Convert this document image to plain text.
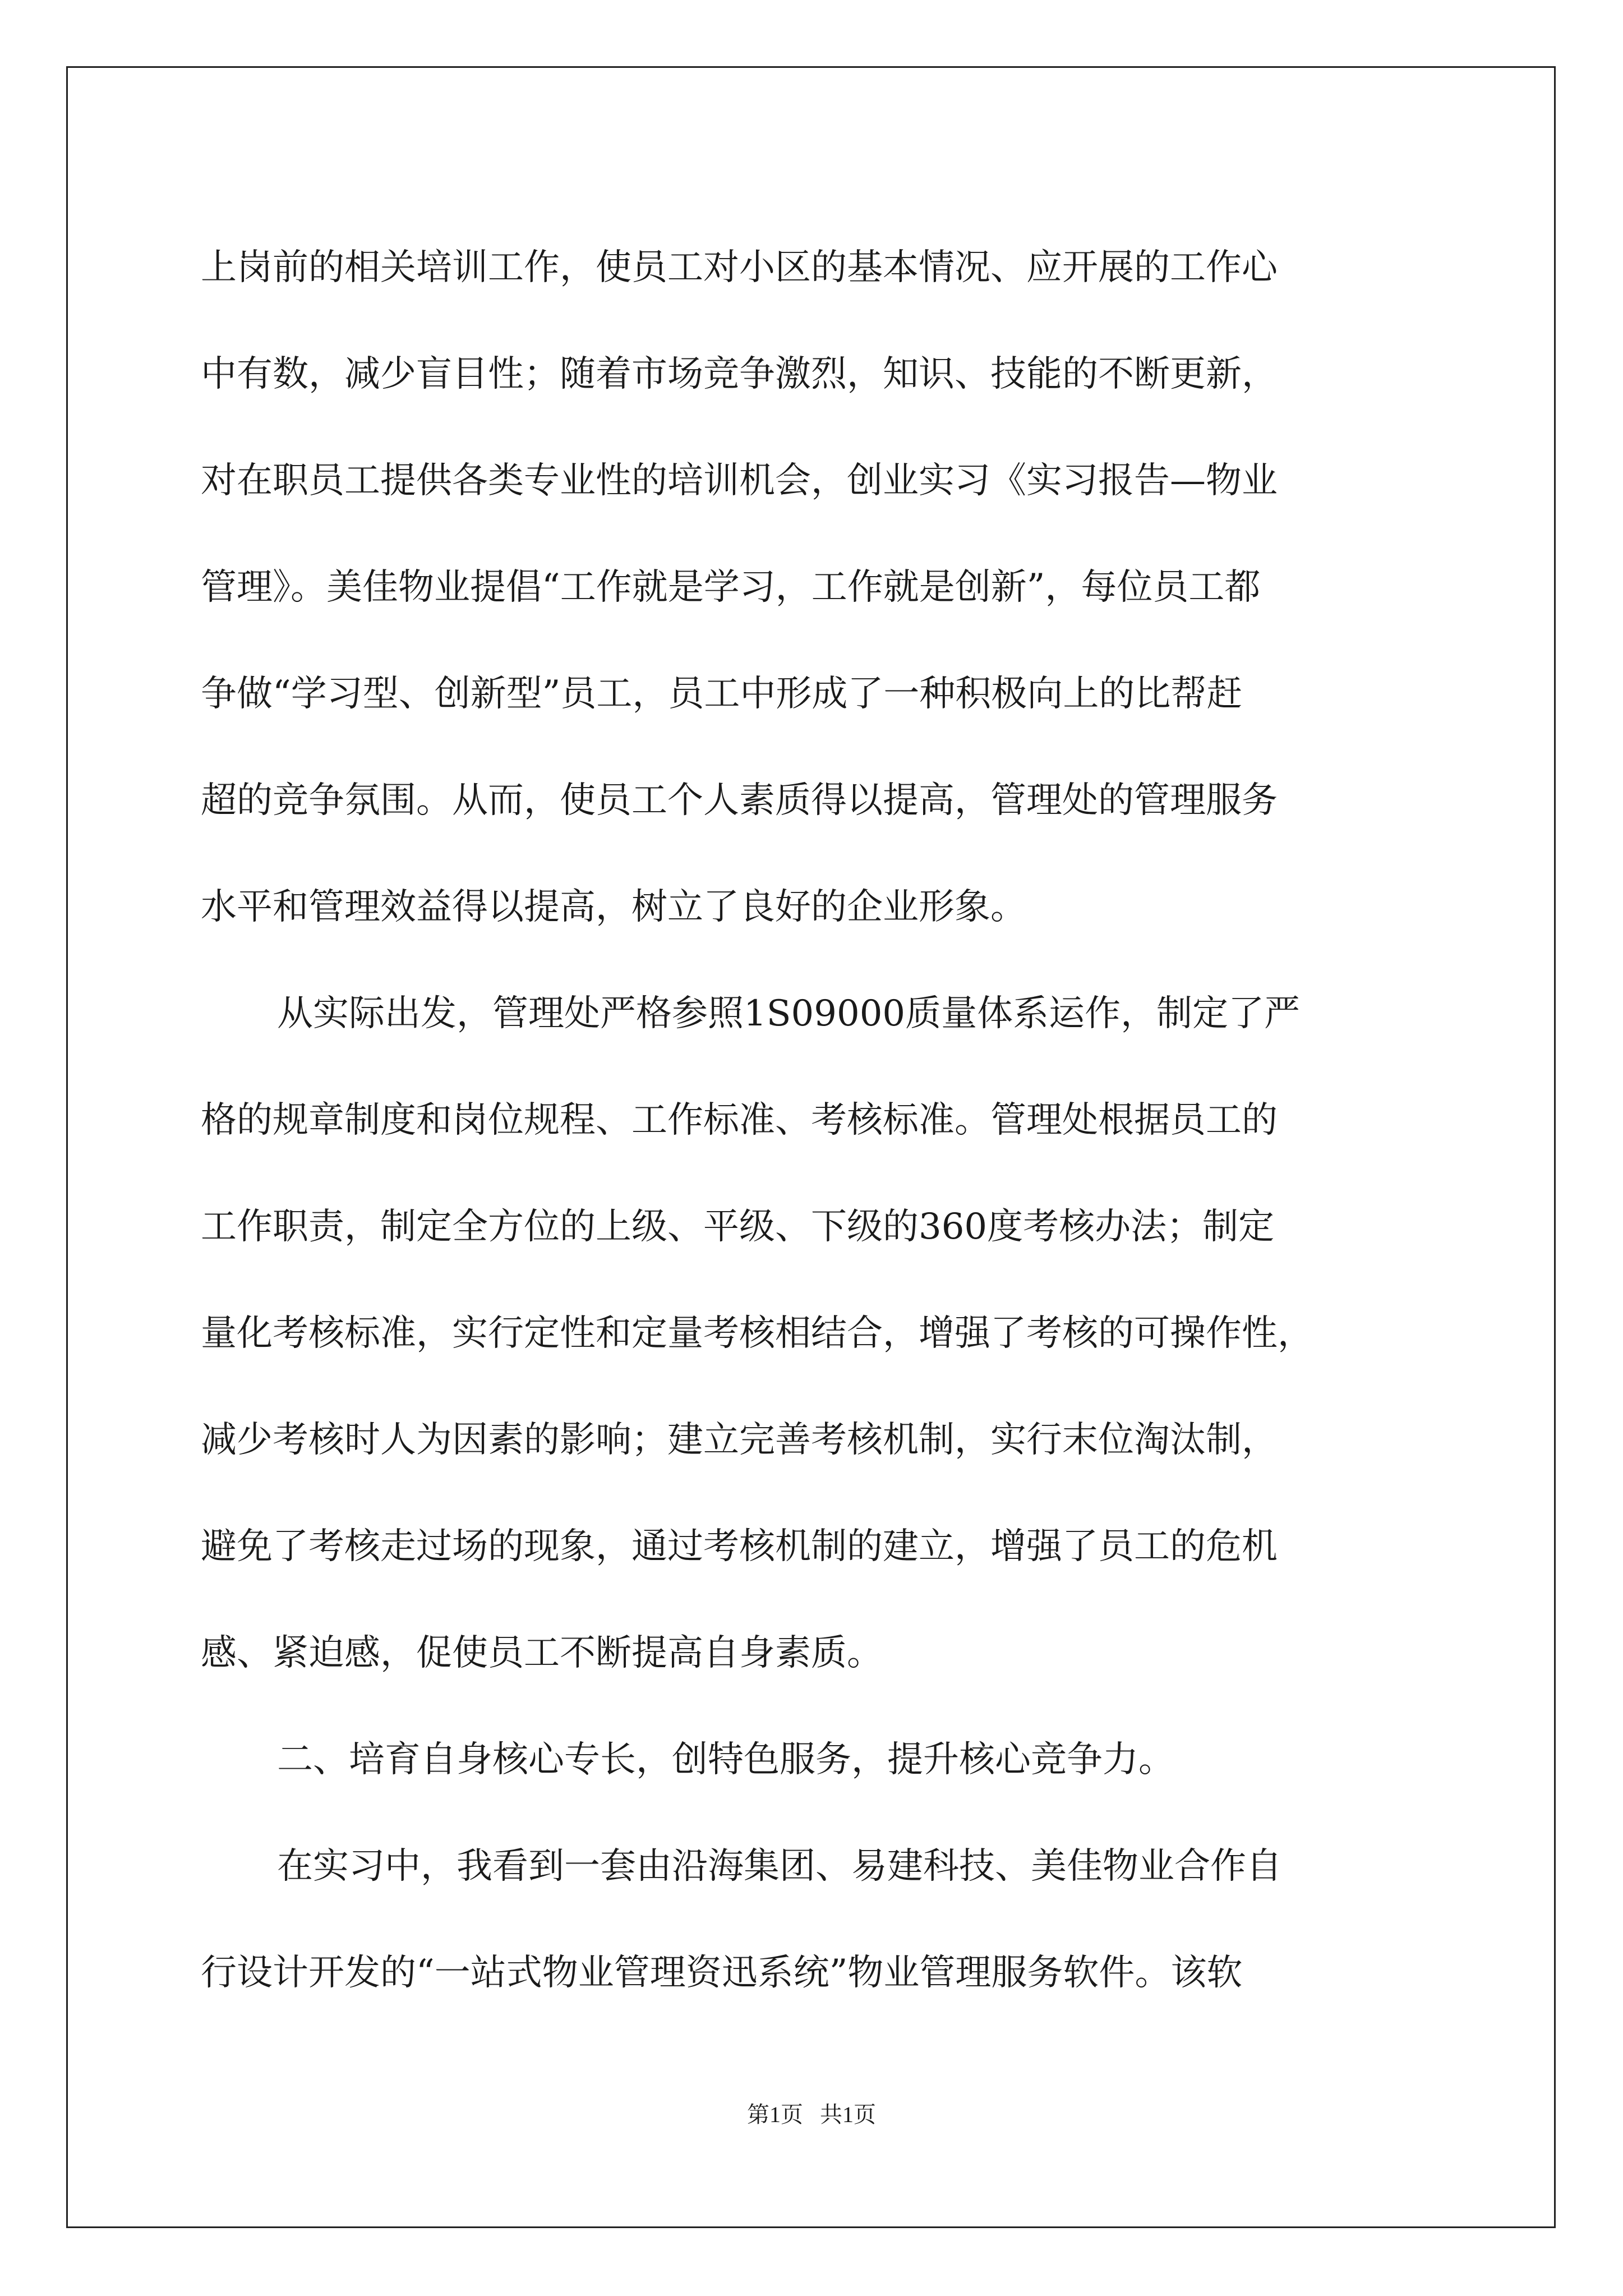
上岗前的相关培训工作，使员工对小区的基本情况、应开展的工作心
中有数，减少盲目性；随着市场竞争激烈，知识、技能的不断更新，
对在职员工提供各类专业性的培训机会，创业实习《实习报告—物业
管理》。美佳物业提倡“工作就是学习，工作就是创新”，每位员工都
争做“学习型、创新型”员工，员工中形成了一种积极向上的比帮赶
超的竞争氛围。从而，使员工个人素质得以提高，管理处的管理服务
水平和管理效益得以提高，树立了良好的企业形象。
从实际出发，管理处严格参照1S09000质量体系运作，制定了严
格的规章制度和岗位规程、工作标准、考核标准。管理处根据员工的
工作职责，制定全方位的上级、平级、下级的360度考核办法；制定
量化考核标准，实行定性和定量考核相结合，增强了考核的可操作性，
减少考核时人为因素的影响；建立完善考核机制，实行末位淘汰制，
避免了考核走过场的现象，通过考核机制的建立，增强了员工的危机
感、紧迫感，促使员工不断提高自身素质。
二、培育自身核心专长，创特色服务，提升核心竞争力。
在实习中，我看到一套由沿海集团、易建科技、美佳物业合作自
行设计开发的“一站式物业管理资迅系统”物业管理服务软件。该软
第1页   共1页
